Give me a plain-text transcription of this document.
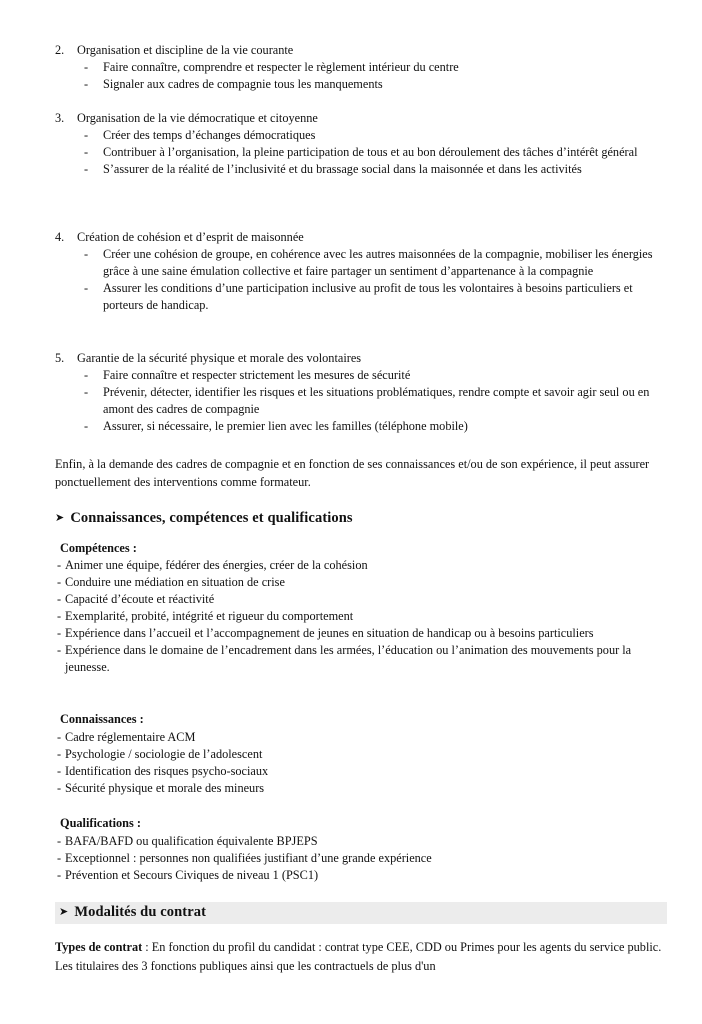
2. Organisation et discipline de la vie courante
- Faire connaître, comprendre et respecter le règlement intérieur du centre
- Signaler aux cadres de compagnie tous les manquements
3. Organisation de la vie démocratique et citoyenne
- Créer des temps d’échanges démocratiques
- Contribuer à l’organisation, la pleine participation de tous et au bon déroulement des tâches d’intérêt général
- S’assurer de la réalité de l’inclusivité et du brassage social dans la maisonnée et dans les activités
4. Création de cohésion et d’esprit de maisonnée
- Créer une cohésion de groupe, en cohérence avec les autres maisonnées de la compagnie, mobiliser les énergies grâce à une saine émulation collective et faire partager un sentiment d’appartenance à la compagnie
- Assurer les conditions d’une participation inclusive au profit de tous les volontaires à besoins particuliers et porteurs de handicap.
5. Garantie de la sécurité physique et morale des volontaires
- Faire connaître et respecter strictement les mesures de sécurité
- Prévenir, détecter, identifier les risques et les situations problématiques, rendre compte et savoir agir seul ou en amont des cadres de compagnie
- Assurer, si nécessaire, le premier lien avec les familles (téléphone mobile)
Enfin, à la demande des cadres de compagnie et en fonction de ses connaissances et/ou de son expérience, il peut assurer ponctuellement des interventions comme formateur.
➤ Connaissances, compétences et qualifications
Compétences :
- Animer une équipe, fédérer des énergies, créer de la cohésion
- Conduire une médiation en situation de crise
- Capacité d’écoute et réactivité
- Exemplarité, probité, intégrité et rigueur du comportement
- Expérience dans l’accueil et l’accompagnement de jeunes en situation de handicap ou à besoins particuliers
- Expérience dans le domaine de l’encadrement dans les armées, l’éducation ou l’animation des mouvements pour la jeunesse.
Connaissances :
- Cadre réglementaire ACM
- Psychologie / sociologie de l’adolescent
- Identification des risques psycho-sociaux
- Sécurité physique et morale des mineurs
Qualifications :
- BAFA/BAFD ou qualification équivalente BPJEPS
- Exceptionnel : personnes non qualifiées justifiant d’une grande expérience
- Prévention et Secours Civiques de niveau 1 (PSC1)
➤ Modalités du contrat
Types de contrat : En fonction du profil du candidat : contrat type CEE, CDD ou Primes pour les agents du service public. Les titulaires des 3 fonctions publiques ainsi que les contractuels de plus d'un
